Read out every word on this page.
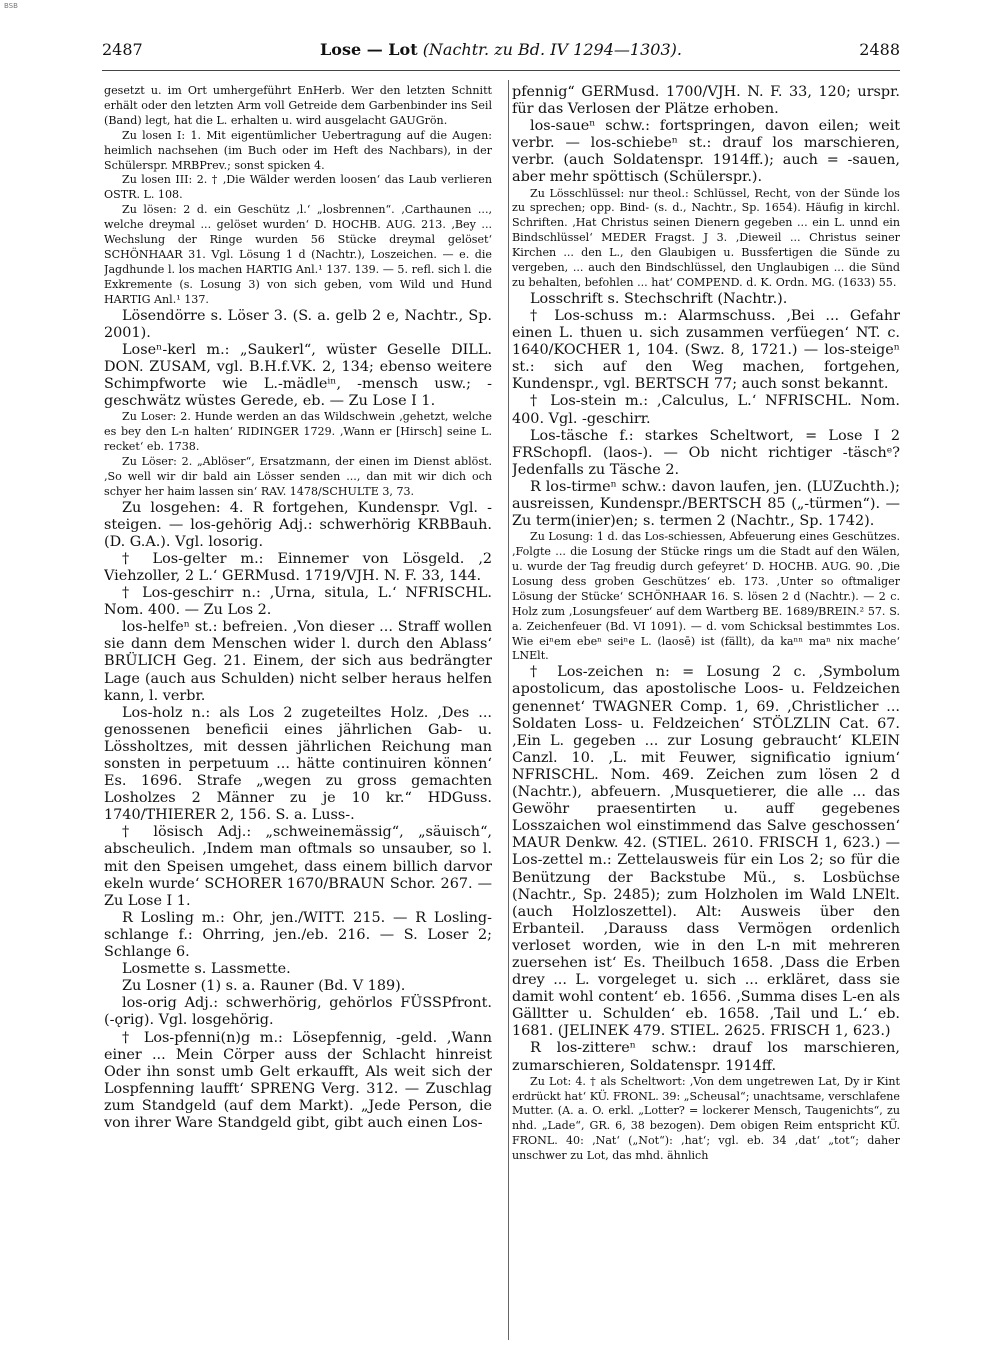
BSB
2487	Lose — Lot (Nachtr. zu Bd. IV 1294—1303).	2488

gesetzt u. im Ort umhergeführt EnHerb. Wer den letzten Schnitt erhält oder den letzten Arm voll Getreide dem Garbenbinder ins Seil (Band) legt, hat die L. erhalten u. wird ausgelacht GAUGrön.

Zu losen I: 1. Mit eigentümlicher Uebertragung auf die Augen: heimlich nachsehen (im Buch oder im Heft des Nachbars), in der Schülerspr. MRBPrev.; sonst spicken 4.

Zu losen III: 2. † ‚Die Wälder werden loosen‘ das Laub verlieren OSTR. L. 108.

Zu lösen: 2 d. ein Geschütz ‚l.‘ „losbrennen“. ‚Carthaunen ..., welche dreymal ... gelöset wurden‘ D. HOCHB. AUG. 213. ‚Bey ... Wechslung der Ringe wurden 56 Stücke dreymal gelöset‘ SCHÖNHAAR 31. Vgl. Lösung 1 d (Nachtr.), Loszeichen. — e. die Jagdhunde l. los machen HARTIG Anl.¹ 137. 139. — 5. refl. sich l. die Exkremente (s. Losung 3) von sich geben, vom Wild und Hund HARTIG Anl.¹ 137.

Lösendörre s. Löser 3. (S. a. gelb 2 e, Nachtr., Sp. 2001).

Loseⁿ-kerl m.: „Saukerl“, wüster Geselle DILL. DON. ZUSAM, vgl. B.H.f.VK. 2, 134; ebenso weitere Schimpfworte wie L.-mädleⁱⁿ, -mensch usw.; -geschwätz wüstes Gerede, eb. — Zu Lose I 1.

Zu Loser: 2. Hunde werden an das Wildschwein ‚gehetzt, welche es bey den L-n halten‘ RIDINGER 1729. ‚Wann er [Hirsch] seine L. recket‘ eb. 1738.

Zu Löser: 2. „Ablöser“, Ersatzmann, der einen im Dienst ablöst. ‚So well wir dir bald ain Lösser senden ..., dan mit wir dich och schyer her haim lassen sin‘ RAV. 1478/SCHULTE 3, 73.

Zu losgehen: 4. R fortgehen, Kundenspr. Vgl. -steigen. — los-gehörig Adj.: schwerhörig KRBBauh. (D. G.A.). Vgl. losorig.

† Los-gelter m.: Einnemer von Lösgeld. ‚2 Viehzoller, 2 L.‘ GERMusd. 1719/VJH. N. F. 33, 144.

† Los-geschirr n.: ‚Urna, situla, L.‘ NFRISCHL. Nom. 400. — Zu Los 2.

los-helfeⁿ st.: befreien. ‚Von dieser ... Straff wollen sie dann dem Menschen wider l. durch den Ablass‘ BRÜLICH Geg. 21. Einem, der sich aus bedrängter Lage (auch aus Schulden) nicht selber heraus helfen kann, l. verbr.

Los-holz n.: als Los 2 zugeteiltes Holz. ‚Des ... genossenen beneficii eines jährlichen Gab- u. Lössholtzes, mit dessen jährlichen Reichung man sonsten in perpetuum ... hätte continuiren können‘ Es. 1696. Strafe „wegen zu gross gemachten Losholzes 2 Männer zu je 10 kr.“ HDGuss. 1740/THIERER 2, 156. S. a. Luss-.

† lösisch Adj.: „schweinemässig“, „säuisch“, abscheulich. ‚Indem man oftmals so unsauber, so l. mit den Speisen umgehet, dass einem billich darvor ekeln wurde‘ SCHORER 1670/BRAUN Schor. 267. — Zu Lose I 1.

R Losling m.: Ohr, jen./WITT. 215. — R Losling-schlange f.: Ohrring, jen./eb. 216. — S. Loser 2; Schlange 6.

Losmette s. Lassmette.

Zu Losner (1) s. a. Rauner (Bd. V 189).

los-orig Adj.: schwerhörig, gehörlos FÜSSPfront. (-ǫrig). Vgl. losgehörig.

† Los-pfenni(n)g m.: Lösepfennig, -geld. ‚Wann einer ... Mein Cörper auss der Schlacht hinreist Oder ihn sonst umb Gelt erkaufft, Als weit sich der Lospfenning laufft‘ SPRENG Verg. 312. — Zuschlag zum Standgeld (auf dem Markt). „Jede Person, die von ihrer Ware Standgeld gibt, gibt auch einen Los-

pfennig“ GERMusd. 1700/VJH. N. F. 33, 120; urspr. für das Verlosen der Plätze erhoben.

los-saueⁿ schw.: fortspringen, davon eilen; weit verbr. — los-schiebeⁿ st.: drauf los marschieren, verbr. (auch Soldatenspr. 1914ff.); auch = -sauen, aber mehr spöttisch (Schülerspr.).

Zu Lösschlüssel: nur theol.: Schlüssel, Recht, von der Sünde los zu sprechen; opp. Bind- (s. d., Nachtr., Sp. 1654). Häufig in kirchl. Schriften. ‚Hat Christus seinen Dienern gegeben ... ein L. unnd ein Bindschlüssel‘ MEDER Fragst. J 3. ‚Dieweil ... Christus seiner Kirchen ... den L., den Glaubigen u. Bussfertigen die Sünde zu vergeben, ... auch den Bindschlüssel, den Unglaubigen ... die Sünd zu behalten, befohlen ... hat‘ COMPEND. d. K. Ordn. MG. (1633) 55.

Losschrift s. Stechschrift (Nachtr.).

† Los-schuss m.: Alarmschuss. ‚Bei ... Gefahr einen L. thuen u. sich zusammen verfüegen‘ NT. c. 1640/KOCHER 1, 104. (Swz. 8, 1721.) — los-steigeⁿ st.: sich auf den Weg machen, fortgehen, Kundenspr., vgl. BERTSCH 77; auch sonst bekannt.

† Los-stein m.: ‚Calculus, L.‘ NFRISCHL. Nom. 400. Vgl. -geschirr.

Los-täsche f.: starkes Scheltwort, = Lose I 2 FRSchopfl. (laos-). — Ob nicht richtiger -täschᵉ? Jedenfalls zu Täsche 2.

R los-tirmeⁿ schw.: davon laufen, jen. (LUZuchth.); ausreissen, Kundenspr./BERTSCH 85 („-türmen“). — Zu term(inier)en; s. termen 2 (Nachtr., Sp. 1742).

Zu Losung: 1 d. das Los-schiessen, Abfeuerung eines Geschützes. ‚Folgte ... die Losung der Stücke rings um die Stadt auf den Wälen, u. wurde der Tag freudig durch gefeyret‘ D. HOCHB. AUG. 90. ‚Die Losung dess groben Geschützes‘ eb. 173. ‚Unter so oftmaliger Lösung der Stücke‘ SCHÖNHAAR 16. S. lösen 2 d (Nachtr.). — 2 c. Holz zum ‚Losungsfeuer‘ auf dem Wartberg BE. 1689/BREIN.² 57. S. a. Zeichenfeuer (Bd. VI 1091). — d. vom Schicksal bestimmtes Los. Wie eiⁿem ebeⁿ seiⁿe L. (laosē) ist (fällt), da kaⁿⁿ maⁿ nix mache‘ LNElt.

† Los-zeichen n: = Losung 2 c. ‚Symbolum apostolicum, das apostolische Loos- u. Feldzeichen genennet‘ TWAGNER Comp. 1, 69. ‚Christlicher ... Soldaten Loss- u. Feldzeichen‘ STÖLZLIN Cat. 67. ‚Ein L. gegeben ... zur Losung gebraucht‘ KLEIN Canzl. 10. ‚L. mit Feuwer, significatio ignium‘ NFRISCHL. Nom. 469. Zeichen zum lösen 2 d (Nachtr.), abfeuern. ‚Musquetierer, die alle ... das Gewöhr praesentirten u. auff gegebenes Losszaichen wol einstimmend das Salve geschossen‘ MAUR Denkw. 42. (STIEL. 2610. FRISCH 1, 623.) — Los-zettel m.: Zettelausweis für ein Los 2; so für die Benützung der Backstube Mü., s. Losbüchse (Nachtr., Sp. 2485); zum Holzholen im Wald LNElt. (auch Holzloszettel). Alt: Ausweis über den Erbanteil. ‚Darauss dass Vermögen ordenlich verloset worden, wie in den L-n mit mehreren zuersehen ist‘ Es. Theilbuch 1658. ‚Dass die Erben drey ... L. vorgeleget u. sich ... erkläret, dass sie damit wohl content‘ eb. 1656. ‚Summa dises L-en als Gälltter u. Schulden‘ eb. 1658. ‚Tail und L.‘ eb. 1681. (JELINEK 479. STIEL. 2625. FRISCH 1, 623.)

R los-zittereⁿ schw.: drauf los marschieren, zumarschieren, Soldatenspr. 1914ff.

Zu Lot: 4. † als Scheltwort: ‚Von dem ungetrewen Lat, Dy ir Kint erdrückt hat‘ KÜ. FRONL. 39: „Scheusal“; unachtsame, verschlafene Mutter. (A. a. O. erkl. „Lotter? = lockerer Mensch, Taugenichts“, zu nhd. „Lade“, GR. 6, 38 bezogen). Dem obigen Reim entspricht KÜ. FRONL. 40: ‚Nat‘ („Not“): ‚hat‘; vgl. eb. 34 ‚dat‘ „tot“; daher unschwer zu Lot, das mhd. ähnlich
